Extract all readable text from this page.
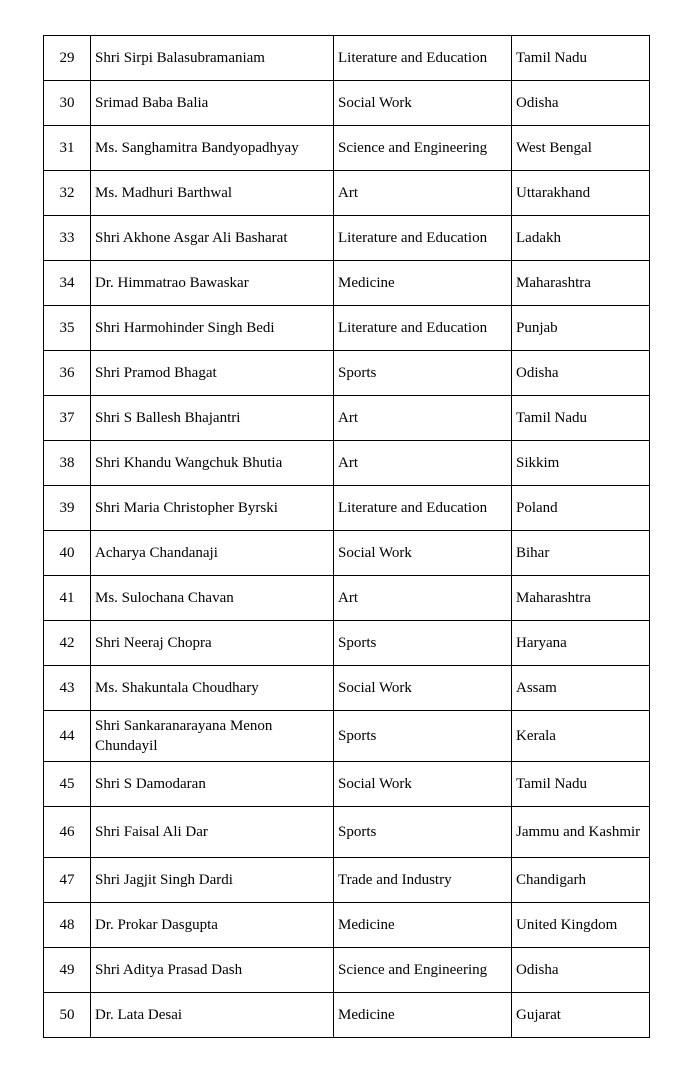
29	Shri Sirpi Balasubramaniam	Literature and Education	Tamil Nadu
30	Srimad Baba Balia	Social Work	Odisha
31	Ms. Sanghamitra Bandyopadhyay	Science and Engineering	West Bengal
32	Ms. Madhuri Barthwal	Art	Uttarakhand
33	Shri Akhone Asgar Ali Basharat	Literature and Education	Ladakh
34	Dr. Himmatrao Bawaskar	Medicine	Maharashtra
35	Shri Harmohinder Singh Bedi	Literature and Education	Punjab
36	Shri Pramod Bhagat	Sports	Odisha
37	Shri S Ballesh Bhajantri	Art	Tamil Nadu
38	Shri Khandu Wangchuk Bhutia	Art	Sikkim
39	Shri Maria Christopher Byrski	Literature and Education	Poland
40	Acharya Chandanaji	Social Work	Bihar
41	Ms. Sulochana Chavan	Art	Maharashtra
42	Shri Neeraj Chopra	Sports	Haryana
43	Ms. Shakuntala Choudhary	Social Work	Assam
44	Shri Sankaranarayana Menon Chundayil	Sports	Kerala
45	Shri S Damodaran	Social Work	Tamil Nadu
46	Shri Faisal Ali Dar	Sports	Jammu and Kashmir
47	Shri Jagjit Singh Dardi	Trade and Industry	Chandigarh
48	Dr. Prokar Dasgupta	Medicine	United Kingdom
49	Shri Aditya Prasad Dash	Science and Engineering	Odisha
50	Dr. Lata Desai	Medicine	Gujarat
